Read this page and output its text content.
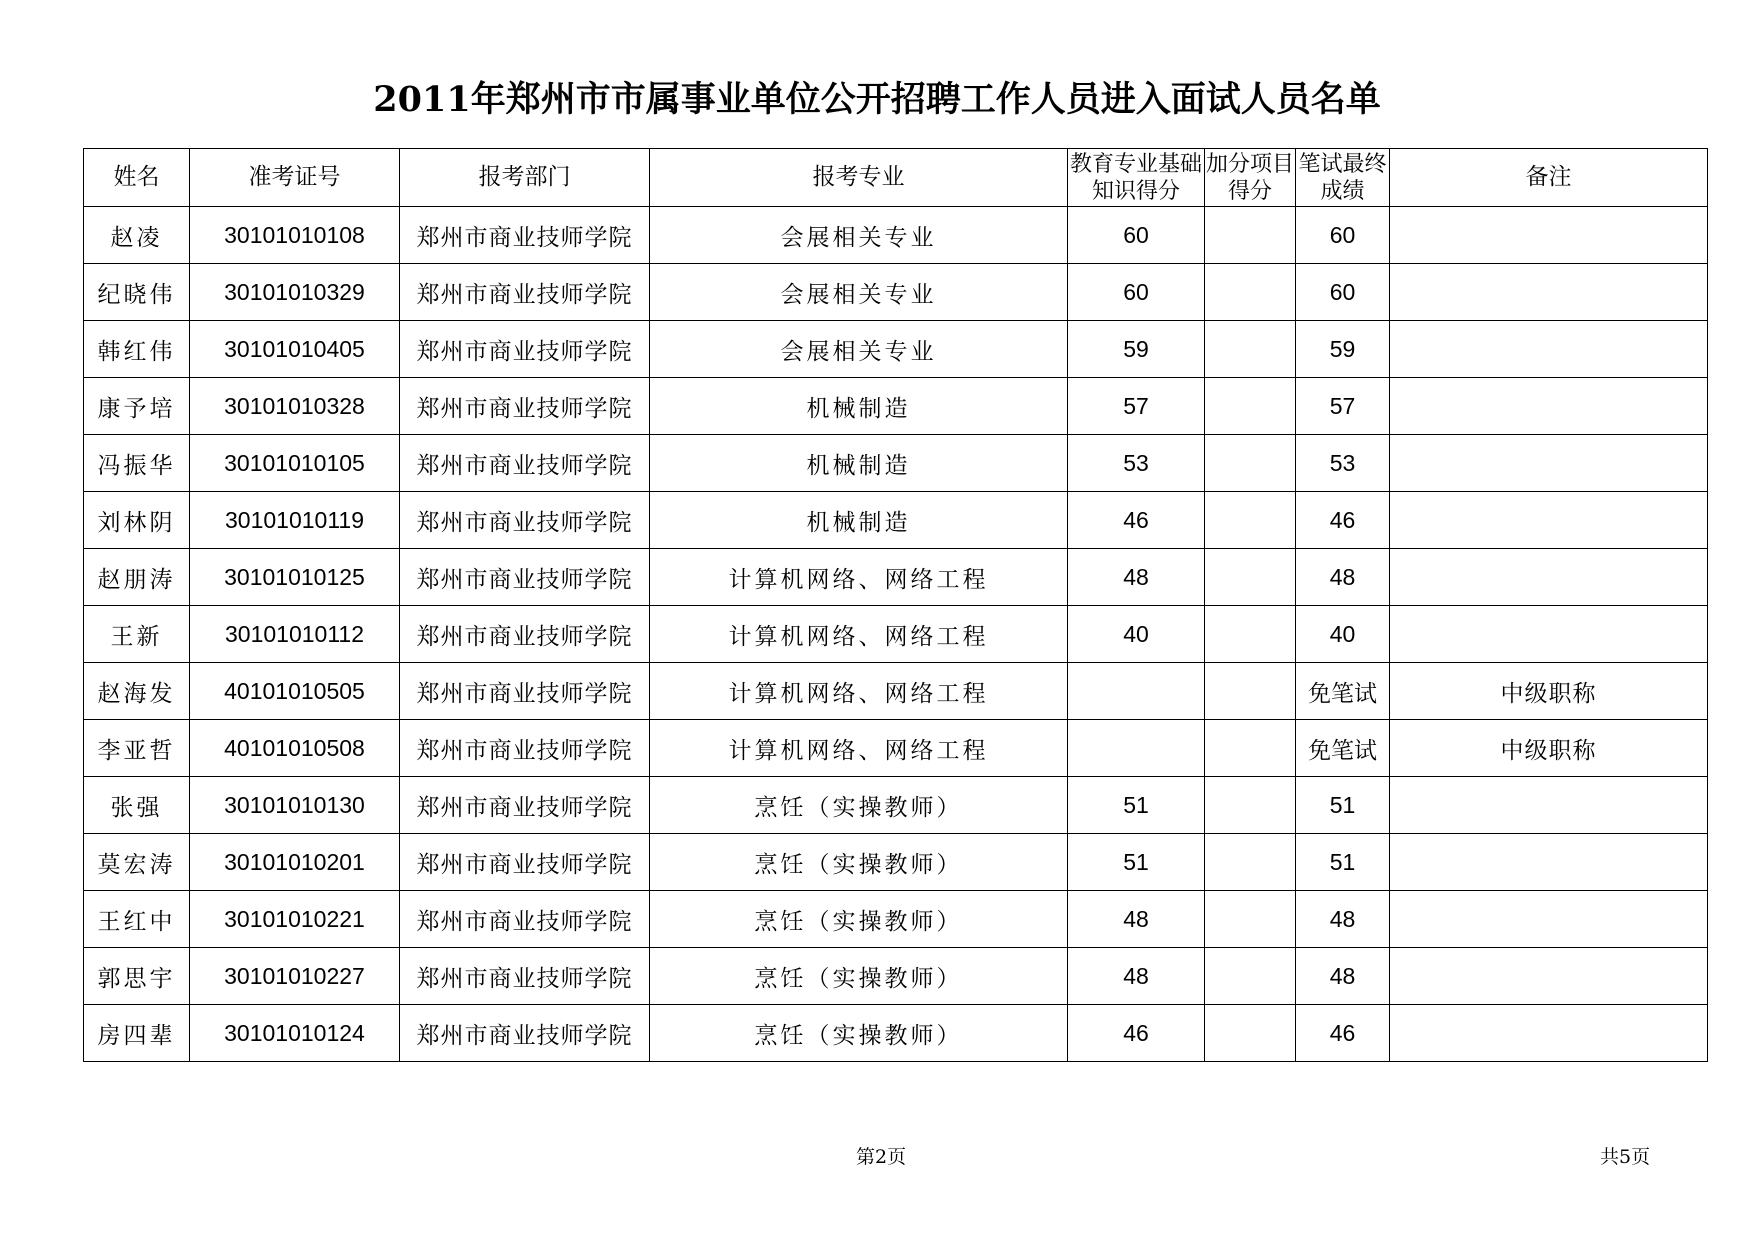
2011年郑州市市属事业单位公开招聘工作人员进入面试人员名单
姓名	准考证号	报考部门	报考专业	教育专业基础知识得分	加分项目得分	笔试最终成绩	备注
赵凌	30101010108	郑州市商业技师学院	会展相关专业	60		60	
纪晓伟	30101010329	郑州市商业技师学院	会展相关专业	60		60	
韩红伟	30101010405	郑州市商业技师学院	会展相关专业	59		59	
康予培	30101010328	郑州市商业技师学院	机械制造	57		57	
冯振华	30101010105	郑州市商业技师学院	机械制造	53		53	
刘林阴	30101010119	郑州市商业技师学院	机械制造	46		46	
赵朋涛	30101010125	郑州市商业技师学院	计算机网络、网络工程	48		48	
王新	30101010112	郑州市商业技师学院	计算机网络、网络工程	40		40	
赵海发	40101010505	郑州市商业技师学院	计算机网络、网络工程			免笔试	中级职称
李亚哲	40101010508	郑州市商业技师学院	计算机网络、网络工程			免笔试	中级职称
张强	30101010130	郑州市商业技师学院	烹饪（实操教师）	51		51	
莫宏涛	30101010201	郑州市商业技师学院	烹饪（实操教师）	51		51	
王红中	30101010221	郑州市商业技师学院	烹饪（实操教师）	48		48	
郭思宇	30101010227	郑州市商业技师学院	烹饪（实操教师）	48		48	
房四辈	30101010124	郑州市商业技师学院	烹饪（实操教师）	46		46	
第2页	共5页
